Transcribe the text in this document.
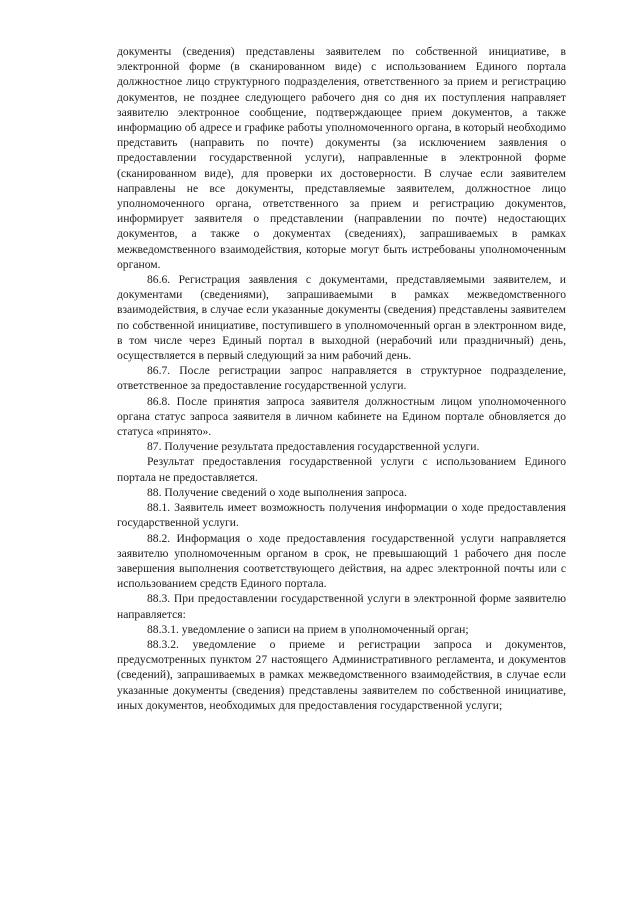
документы (сведения) представлены заявителем по собственной инициативе, в электронной форме (в сканированном виде) с использованием Единого портала должностное лицо структурного подразделения, ответственного за прием и регистрацию документов, не позднее следующего рабочего дня со дня их поступления направляет заявителю электронное сообщение, подтверждающее прием документов, а также информацию об адресе и графике работы уполномоченного органа, в который необходимо представить (направить по почте) документы (за исключением заявления о предоставлении государственной услуги), направленные в электронной форме (сканированном виде), для проверки их достоверности. В случае если заявителем направлены не все документы, представляемые заявителем, должностное лицо уполномоченного органа, ответственного за прием и регистрацию документов, информирует заявителя о представлении (направлении по почте) недостающих документов, а также о документах (сведениях), запрашиваемых в рамках межведомственного взаимодействия, которые могут быть истребованы уполномоченным органом.

86.6. Регистрация заявления с документами, представляемыми заявителем, и документами (сведениями), запрашиваемыми в рамках межведомственного взаимодействия, в случае если указанные документы (сведения) представлены заявителем по собственной инициативе, поступившего в уполномоченный орган в электронном виде, в том числе через Единый портал в выходной (нерабочий или праздничный) день, осуществляется в первый следующий за ним рабочий день.

86.7. После регистрации запрос направляется в структурное подразделение, ответственное за предоставление государственной услуги.

86.8. После принятия запроса заявителя должностным лицом уполномоченного органа статус запроса заявителя в личном кабинете на Едином портале обновляется до статуса «принято».

87. Получение результата предоставления государственной услуги.

Результат предоставления государственной услуги с использованием Единого портала не предоставляется.

88. Получение сведений о ходе выполнения запроса.

88.1. Заявитель имеет возможность получения информации о ходе предоставления государственной услуги.

88.2. Информация о ходе предоставления государственной услуги направляется заявителю уполномоченным органом в срок, не превышающий 1 рабочего дня после завершения выполнения соответствующего действия, на адрес электронной почты или с использованием средств Единого портала.

88.3. При предоставлении государственной услуги в электронной форме заявителю направляется:

88.3.1. уведомление о записи на прием в уполномоченный орган;

88.3.2. уведомление о приеме и регистрации запроса и документов, предусмотренных пунктом 27 настоящего Административного регламента, и документов (сведений), запрашиваемых в рамках межведомственного взаимодействия, в случае если указанные документы (сведения) представлены заявителем по собственной инициативе, иных документов, необходимых для предоставления государственной услуги;
